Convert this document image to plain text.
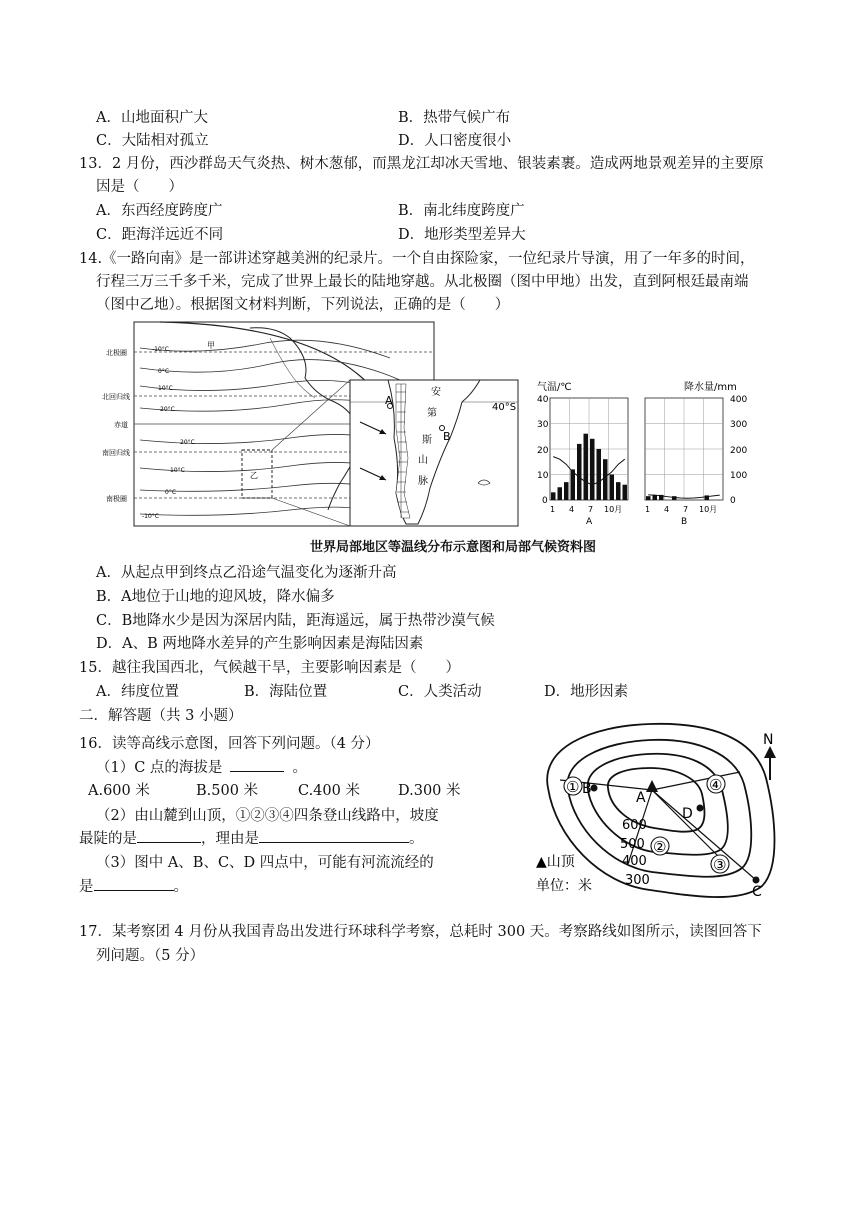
A．山地面积广大	B．热带气候广布
C．大陆相对孤立	D．人口密度很小
13．2 月份，西沙群岛天气炎热、树木葱郁，而黑龙江却冰天雪地、银装素裹。造成两地景观差异的主要原
因是（　　）
A．东西经度跨度广	B．南北纬度跨度广
C．距海洋远近不同	D．地形类型差异大
14.《一路向南》是一部讲述穿越美洲的纪录片。一个自由探险家，一位纪录片导演，用了一年多的时间，
行程三万三千多千米，完成了世界上最长的陆地穿越。从北极圈（图中甲地）出发，直到阿根廷最南端
（图中乙地）。根据图文材料判断，下列说法，正确的是（　　）
北极圈
北回归线
赤道
南回归线
南极圈
甲
乙
-10°C
0°C
10°C
20°C
20°C
10°C
0°C
-10°C
A
B
40°S
安
第
斯
山
脉
气温/℃
40
30
20
10
0
1 4 7 10月
A
降水量/mm
400
300
200
100
0
1 4 7 10月
B
世界局部地区等温线分布示意图和局部气候资料图
A．从起点甲到终点乙沿途气温变化为逐渐升高
B．A地位于山地的迎风坡，降水偏多
C．B地降水少是因为深居内陆，距海遥远，属于热带沙漠气候
D．A、B 两地降水差异的产生影响因素是海陆因素
15．越往我国西北，气候越干旱，主要影响因素是（　　）
A．纬度位置	B．海陆位置	C．人类活动	D．地形因素
二．解答题（共 3 小题）
16．读等高线示意图，回答下列问题。（4 分）
（1）C 点的海拔是	。
A.600 米	B.500 米	C.400 米	D.300 米
（2）由山麓到山顶，①②③④四条登山线路中，坡度
最陡的是	，理由是	。
（3）图中 A、B、C、D 四点中，可能有河流流经的
是	。
①	④
②
③
B
A
D
C
600
500
400
300
N
▲山顶
单位：米
17．某考察团 4 月份从我国青岛出发进行环球科学考察，总耗时 300 天。考察路线如图所示，读图回答下
列问题。（5 分）
